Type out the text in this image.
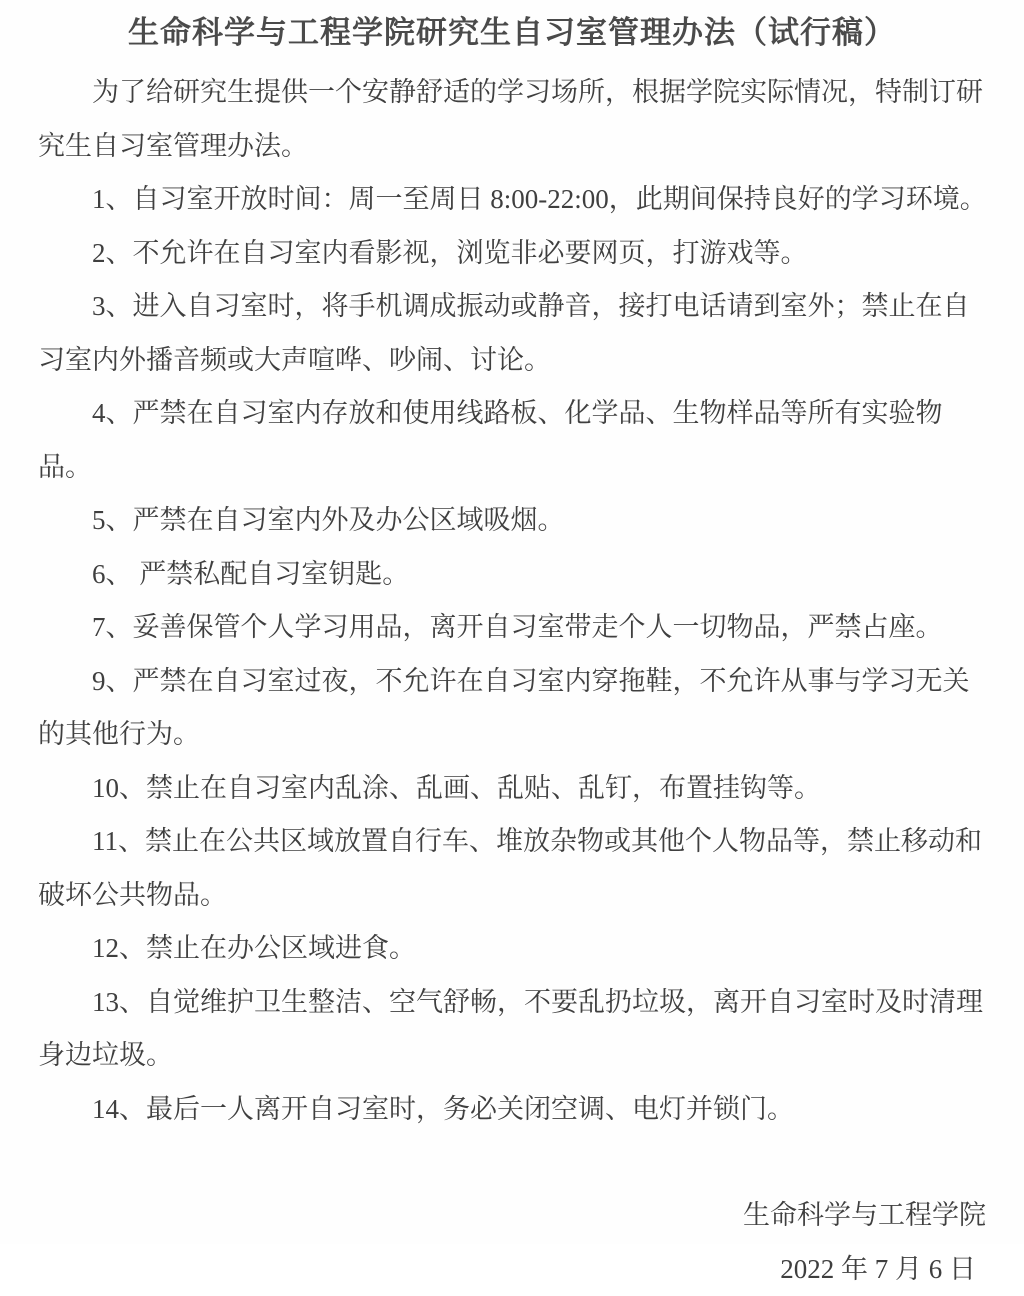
生命科学与工程学院研究生自习室管理办法（试行稿）

为了给研究生提供一个安静舒适的学习场所，根据学院实际情况，特制订研究生自习室管理办法。

1、自习室开放时间：周一至周日 8:00-22:00，此期间保持良好的学习环境。

2、不允许在自习室内看影视，浏览非必要网页，打游戏等。

3、进入自习室时，将手机调成振动或静音，接打电话请到室外；禁止在自习室内外播音频或大声喧哗、吵闹、讨论。

4、严禁在自习室内存放和使用线路板、化学品、生物样品等所有实验物品。

5、严禁在自习室内外及办公区域吸烟。

6、 严禁私配自习室钥匙。

7、妥善保管个人学习用品，离开自习室带走个人一切物品，严禁占座。

9、严禁在自习室过夜，不允许在自习室内穿拖鞋，不允许从事与学习无关的其他行为。

10、禁止在自习室内乱涂、乱画、乱贴、乱钉，布置挂钩等。

11、禁止在公共区域放置自行车、堆放杂物或其他个人物品等，禁止移动和破坏公共物品。

12、禁止在办公区域进食。

13、自觉维护卫生整洁、空气舒畅，不要乱扔垃圾，离开自习室时及时清理身边垃圾。

14、最后一人离开自习室时，务必关闭空调、电灯并锁门。

生命科学与工程学院

2022 年 7 月 6 日
